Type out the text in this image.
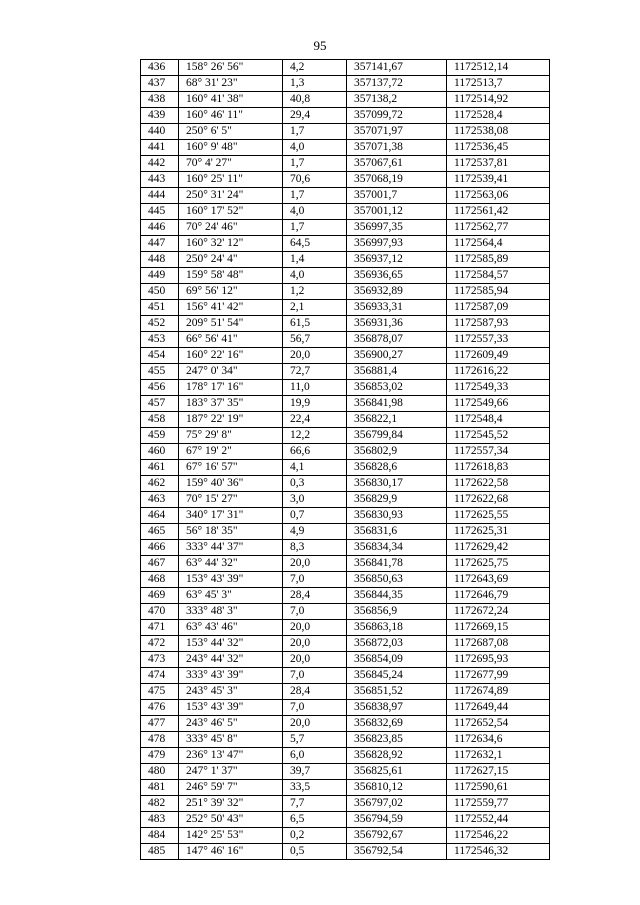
95
436	158° 26' 56"	4,2	357141,67	1172512,14
437	68° 31' 23"	1,3	357137,72	1172513,7
438	160° 41' 38"	40,8	357138,2	1172514,92
439	160° 46' 11"	29,4	357099,72	1172528,4
440	250° 6' 5"	1,7	357071,97	1172538,08
441	160° 9' 48"	4,0	357071,38	1172536,45
442	70° 4' 27"	1,7	357067,61	1172537,81
443	160° 25' 11"	70,6	357068,19	1172539,41
444	250° 31' 24"	1,7	357001,7	1172563,06
445	160° 17' 52"	4,0	357001,12	1172561,42
446	70° 24' 46"	1,7	356997,35	1172562,77
447	160° 32' 12"	64,5	356997,93	1172564,4
448	250° 24' 4"	1,4	356937,12	1172585,89
449	159° 58' 48"	4,0	356936,65	1172584,57
450	69° 56' 12"	1,2	356932,89	1172585,94
451	156° 41' 42"	2,1	356933,31	1172587,09
452	209° 51' 54"	61,5	356931,36	1172587,93
453	66° 56' 41"	56,7	356878,07	1172557,33
454	160° 22' 16"	20,0	356900,27	1172609,49
455	247° 0' 34"	72,7	356881,4	1172616,22
456	178° 17' 16"	11,0	356853,02	1172549,33
457	183° 37' 35"	19,9	356841,98	1172549,66
458	187° 22' 19"	22,4	356822,1	1172548,4
459	75° 29' 8"	12,2	356799,84	1172545,52
460	67° 19' 2"	66,6	356802,9	1172557,34
461	67° 16' 57"	4,1	356828,6	1172618,83
462	159° 40' 36"	0,3	356830,17	1172622,58
463	70° 15' 27"	3,0	356829,9	1172622,68
464	340° 17' 31"	0,7	356830,93	1172625,55
465	56° 18' 35"	4,9	356831,6	1172625,31
466	333° 44' 37"	8,3	356834,34	1172629,42
467	63° 44' 32"	20,0	356841,78	1172625,75
468	153° 43' 39"	7,0	356850,63	1172643,69
469	63° 45' 3"	28,4	356844,35	1172646,79
470	333° 48' 3"	7,0	356856,9	1172672,24
471	63° 43' 46"	20,0	356863,18	1172669,15
472	153° 44' 32"	20,0	356872,03	1172687,08
473	243° 44' 32"	20,0	356854,09	1172695,93
474	333° 43' 39"	7,0	356845,24	1172677,99
475	243° 45' 3"	28,4	356851,52	1172674,89
476	153° 43' 39"	7,0	356838,97	1172649,44
477	243° 46' 5"	20,0	356832,69	1172652,54
478	333° 45' 8"	5,7	356823,85	1172634,6
479	236° 13' 47"	6,0	356828,92	1172632,1
480	247° 1' 37"	39,7	356825,61	1172627,15
481	246° 59' 7"	33,5	356810,12	1172590,61
482	251° 39' 32"	7,7	356797,02	1172559,77
483	252° 50' 43"	6,5	356794,59	1172552,44
484	142° 25' 53"	0,2	356792,67	1172546,22
485	147° 46' 16"	0,5	356792,54	1172546,32
